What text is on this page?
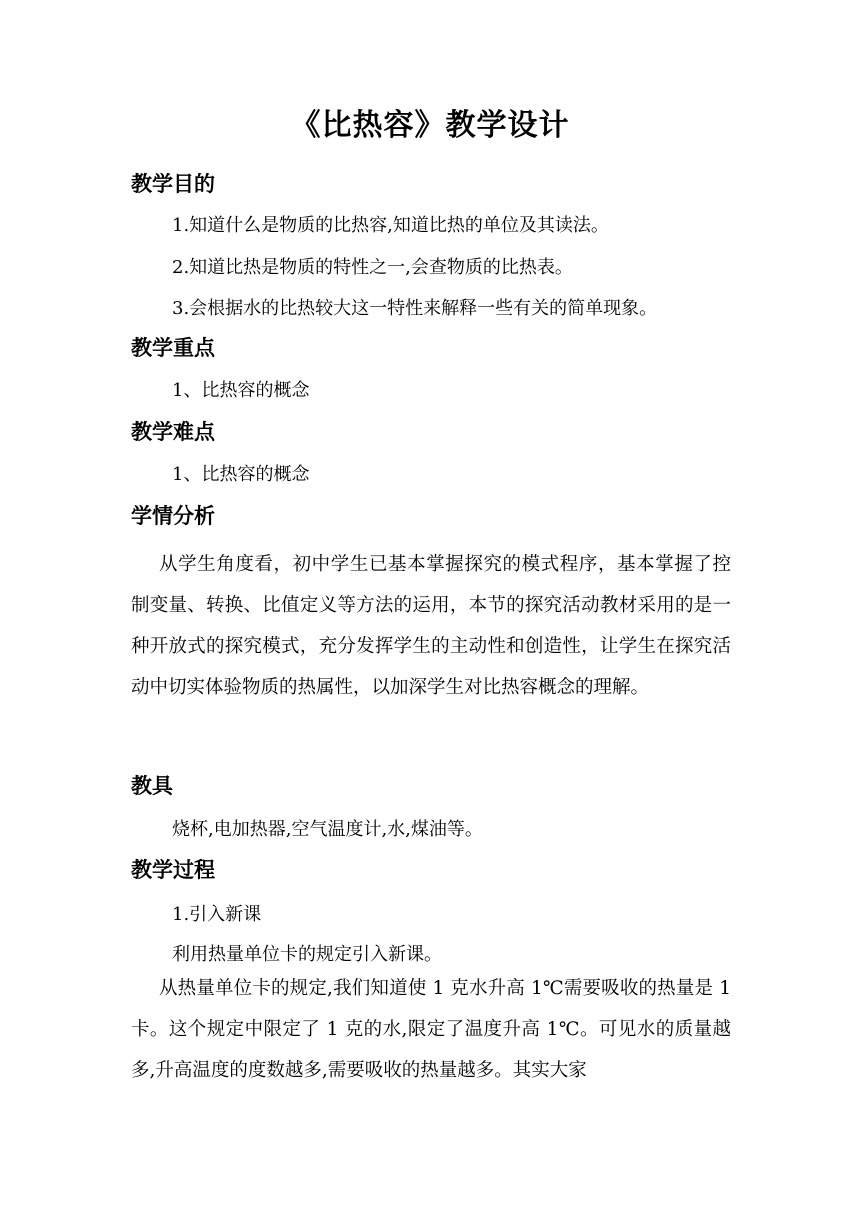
《比热容》教学设计
教学目的
1.知道什么是物质的比热容,知道比热的单位及其读法。
2.知道比热是物质的特性之一,会查物质的比热表。
3.会根据水的比热较大这一特性来解释一些有关的简单现象。
教学重点
1、比热容的概念
教学难点
1、比热容的概念
学情分析
从学生角度看，初中学生已基本掌握探究的模式程序，基本掌握了控制变量、转换、比值定义等方法的运用，本节的探究活动教材采用的是一种开放式的探究模式，充分发挥学生的主动性和创造性，让学生在探究活动中切实体验物质的热属性，以加深学生对比热容概念的理解。
教具
烧杯,电加热器,空气温度计,水,煤油等。
教学过程
1.引入新课
利用热量单位卡的规定引入新课。
从热量单位卡的规定,我们知道使 1 克水升高 1℃需要吸收的热量是 1 卡。这个规定中限定了 1 克的水,限定了温度升高 1℃。可见水的质量越多,升高温度的度数越多,需要吸收的热量越多。其实大家
